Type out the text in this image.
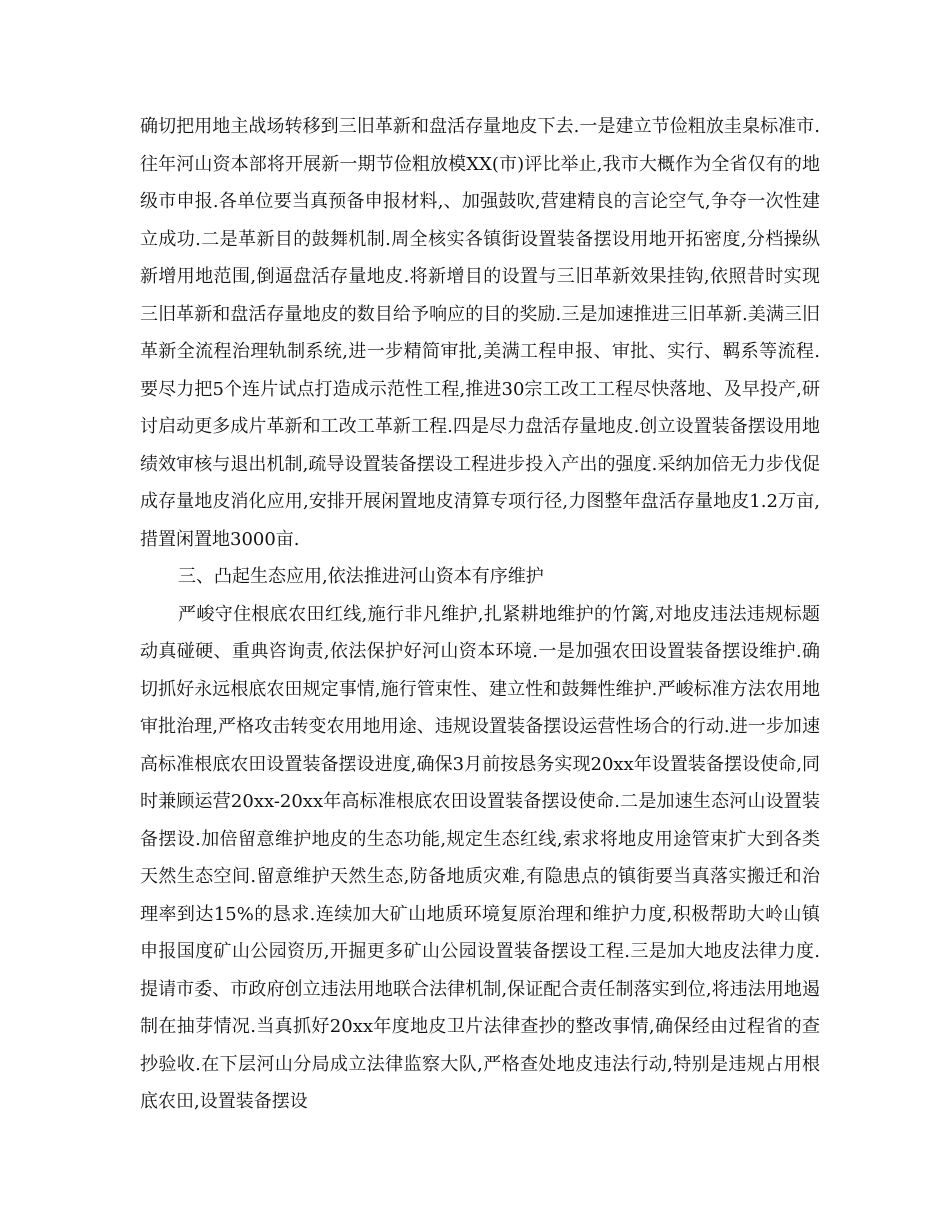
确切把用地主战场转移到三旧革新和盘活存量地皮下去.一是建立节俭粗放圭臬标准市.往年河山资本部将开展新一期节俭粗放模XX(市)评比举止,我市大概作为全省仅有的地级市申报.各单位要当真预备申报材料,、加强鼓吹,营建精良的言论空气,争夺一次性建立成功.二是革新目的鼓舞机制.周全核实各镇街设置装备摆设用地开拓密度,分档操纵新增用地范围,倒逼盘活存量地皮.将新增目的设置与三旧革新效果挂钩,依照昔时实现三旧革新和盘活存量地皮的数目给予响应的目的奖励.三是加速推进三旧革新.美满三旧革新全流程治理轨制系统,进一步精简审批,美满工程申报、审批、实行、羁系等流程.要尽力把5个连片试点打造成示范性工程,推进30宗工改工工程尽快落地、及早投产,研讨启动更多成片革新和工改工革新工程.四是尽力盘活存量地皮.创立设置装备摆设用地绩效审核与退出机制,疏导设置装备摆设工程进步投入产出的强度.采纳加倍无力步伐促成存量地皮消化应用,安排开展闲置地皮清算专项行径,力图整年盘活存量地皮1.2万亩,措置闲置地3000亩.

三、凸起生态应用,依法推进河山资本有序维护

严峻守住根底农田红线,施行非凡维护,扎紧耕地维护的竹篱,对地皮违法违规标题动真碰硬、重典咨询责,依法保护好河山资本环境.一是加强农田设置装备摆设维护.确切抓好永远根底农田规定事情,施行管束性、建立性和鼓舞性维护.严峻标准方法农用地审批治理,严格攻击转变农用地用途、违规设置装备摆设运营性场合的行动.进一步加速高标准根底农田设置装备摆设进度,确保3月前按恳务实现20xx年设置装备摆设使命,同时兼顾运营20xx-20xx年高标准根底农田设置装备摆设使命.二是加速生态河山设置装备摆设.加倍留意维护地皮的生态功能,规定生态红线,索求将地皮用途管束扩大到各类天然生态空间.留意维护天然生态,防备地质灾难,有隐患点的镇街要当真落实搬迁和治理率到达15%的恳求.连续加大矿山地质环境复原治理和维护力度,积极帮助大岭山镇申报国度矿山公园资历,开掘更多矿山公园设置装备摆设工程.三是加大地皮法律力度.提请市委、市政府创立违法用地联合法律机制,保证配合责任制落实到位,将违法用地遏制在抽芽情况.当真抓好20xx年度地皮卫片法律查抄的整改事情,确保经由过程省的查抄验收.在下层河山分局成立法律监察大队,严格查处地皮违法行动,特别是违规占用根底农田,设置装备摆设
